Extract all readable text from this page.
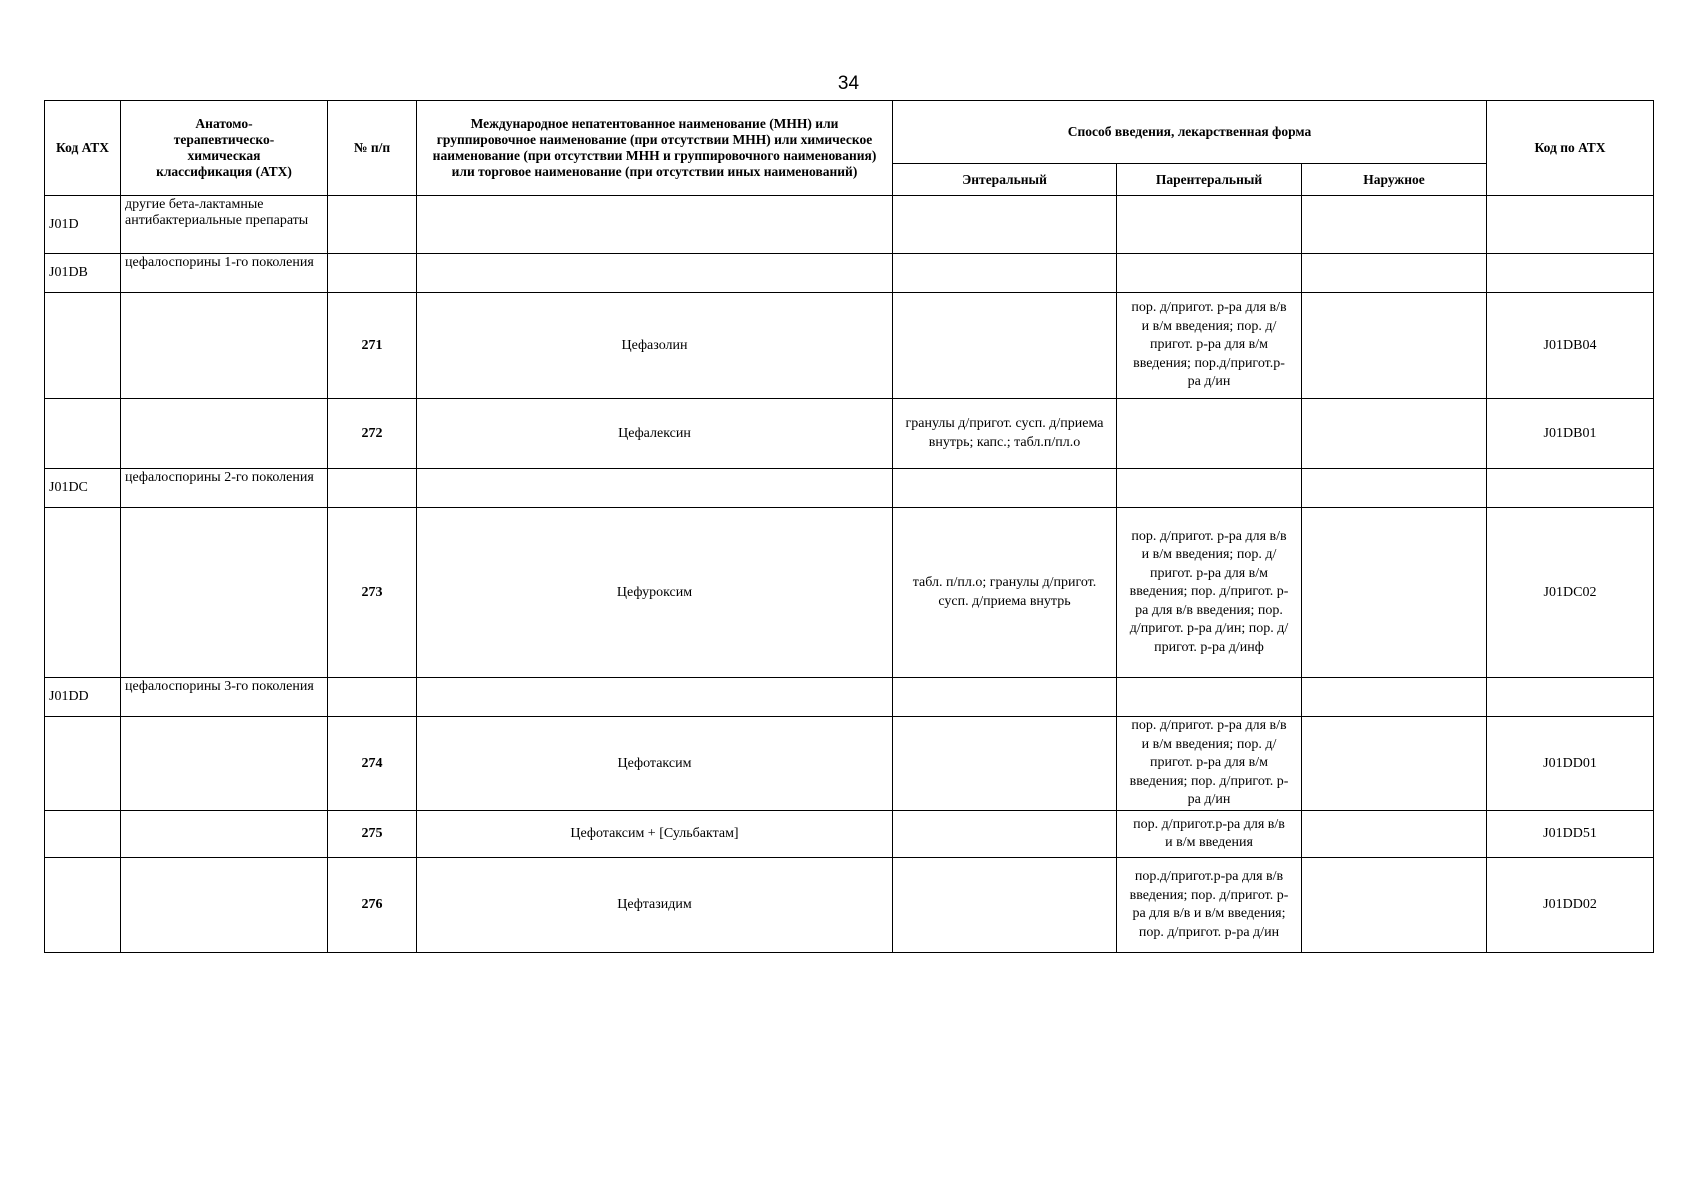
34
Код АТХ	Анатомо-терапевтическо-химическая классификация (АТХ)	№ п/п	Международное непатентованное наименование (МНН) или группировочное наименование (при отсутствии МНН) или химическое наименование (при отсутствии МНН и группировочного наименования) или торговое наименование (при отсутствии иных наименований)	Способ введения, лекарственная форма			Код по АТХ
				Энтеральный	Парентеральный	Наружное	
J01D	другие бета-лактамные антибактериальные препараты						
J01DB	цефалоспорины 1-го поколения						
		271	Цефазолин		пор. д/пригот. р-ра для в/в и в/м введения; пор. д/пригот. р-ра для в/м введения; пор.д/пригот.р-ра д/ин		J01DB04
		272	Цефалексин	гранулы д/пригот. сусп. д/приема внутрь; капс.; табл.п/пл.о			J01DB01
J01DC	цефалоспорины 2-го поколения						
		273	Цефуроксим	табл. п/пл.о; гранулы д/пригот. сусп. д/приема внутрь	пор. д/пригот. р-ра для в/в и в/м введения; пор. д/пригот. р-ра для в/м введения; пор. д/пригот. р-ра для в/в введения; пор. д/пригот. р-ра д/ин; пор. д/пригот. р-ра д/инф		J01DC02
J01DD	цефалоспорины 3-го поколения						
		274	Цефотаксим		пор. д/пригот. р-ра для в/в и в/м введения; пор. д/пригот. р-ра для в/м введения; пор. д/пригот. р-ра д/ин		J01DD01
		275	Цефотаксим + [Сульбактам]		пор. д/пригот.р-ра для в/в и в/м введения		J01DD51
		276	Цефтазидим		пор.д/пригот.р-ра для в/в введения; пор. д/пригот. р-ра для в/в и в/м введения; пор. д/пригот. р-ра д/ин		J01DD02
